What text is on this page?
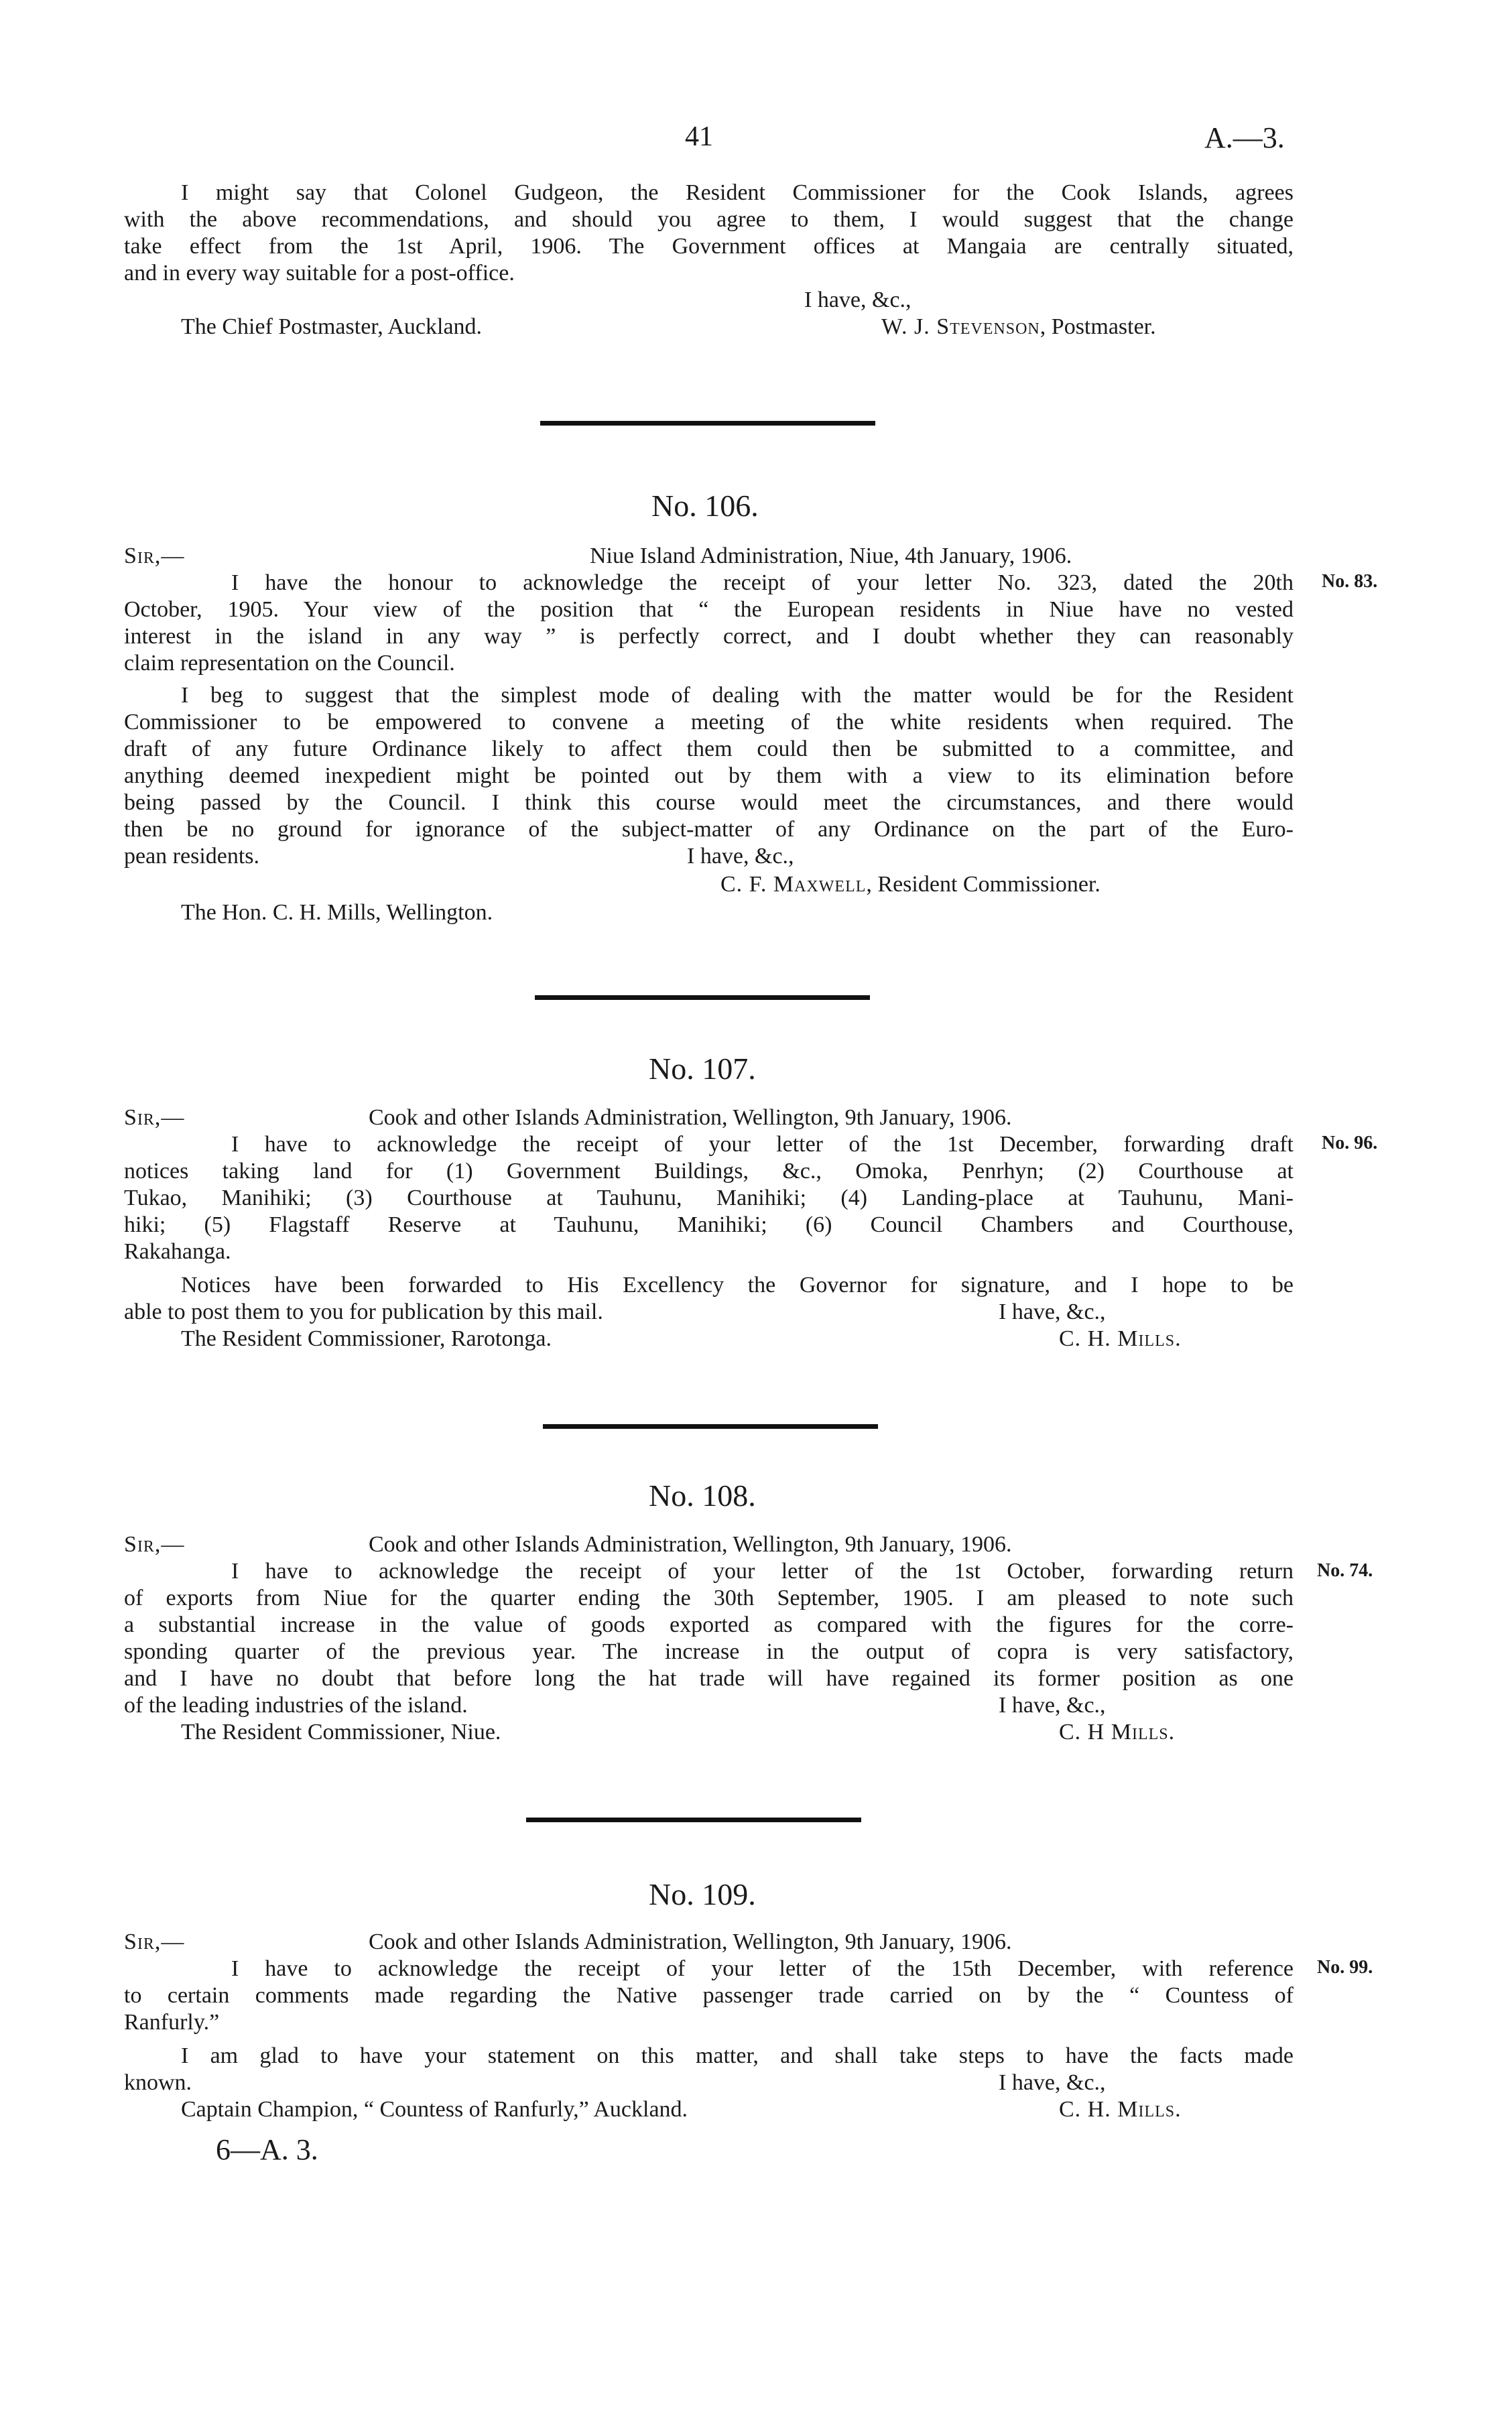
41	A.—3.
I might say that Colonel Gudgeon, the Resident Commissioner for the Cook Islands, agrees
with the above recommendations, and should you agree to them, I would suggest that the change
take effect from the 1st April, 1906. The Government offices at Mangaia are centrally situated,
and in every way suitable for a post-office.
I have, &c.,
The Chief Postmaster, Auckland.	W. J. Stevenson, Postmaster.
No. 106.
Sir,—	Niue Island Administration, Niue, 4th January, 1906.
No. 83.
I have the honour to acknowledge the receipt of your letter No. 323, dated the 20th
October, 1905. Your view of the position that “ the European residents in Niue have no vested
interest in the island in any way ” is perfectly correct, and I doubt whether they can reasonably
claim representation on the Council.
I beg to suggest that the simplest mode of dealing with the matter would be for the Resident
Commissioner to be empowered to convene a meeting of the white residents when required. The
draft of any future Ordinance likely to affect them could then be submitted to a committee, and
anything deemed inexpedient might be pointed out by them with a view to its elimination before
being passed by the Council. I think this course would meet the circumstances, and there would
then be no ground for ignorance of the subject-matter of any Ordinance on the part of the Euro-
pean residents.	I have, &c.,
C. F. Maxwell, Resident Commissioner.
The Hon. C. H. Mills, Wellington.
No. 107.
Sir,—	Cook and other Islands Administration, Wellington, 9th January, 1906.
No. 96.
I have to acknowledge the receipt of your letter of the 1st December, forwarding draft
notices taking land for (1) Government Buildings, &c., Omoka, Penrhyn; (2) Courthouse at
Tukao, Manihiki; (3) Courthouse at Tauhunu, Manihiki; (4) Landing-place at Tauhunu, Mani-
hiki; (5) Flagstaff Reserve at Tauhunu, Manihiki; (6) Council Chambers and Courthouse,
Rakahanga.
Notices have been forwarded to His Excellency the Governor for signature, and I hope to be
able to post them to you for publication by this mail.	I have, &c.,
The Resident Commissioner, Rarotonga.	C. H. Mills.
No. 108.
Sir,—	Cook and other Islands Administration, Wellington, 9th January, 1906.
No. 74.
I have to acknowledge the receipt of your letter of the 1st October, forwarding return
of exports from Niue for the quarter ending the 30th September, 1905. I am pleased to note such
a substantial increase in the value of goods exported as compared with the figures for the corre-
sponding quarter of the previous year. The increase in the output of copra is very satisfactory,
and I have no doubt that before long the hat trade will have regained its former position as one
of the leading industries of the island.	I have, &c.,
The Resident Commissioner, Niue.	C. H Mills.
No. 109.
Sir,—	Cook and other Islands Administration, Wellington, 9th January, 1906.
No. 99.
I have to acknowledge the receipt of your letter of the 15th December, with reference
to certain comments made regarding the Native passenger trade carried on by the “ Countess of
Ranfurly.”
I am glad to have your statement on this matter, and shall take steps to have the facts made
known.	I have, &c.,
Captain Champion, “ Countess of Ranfurly,” Auckland.	C. H. Mills.
6—A. 3.
